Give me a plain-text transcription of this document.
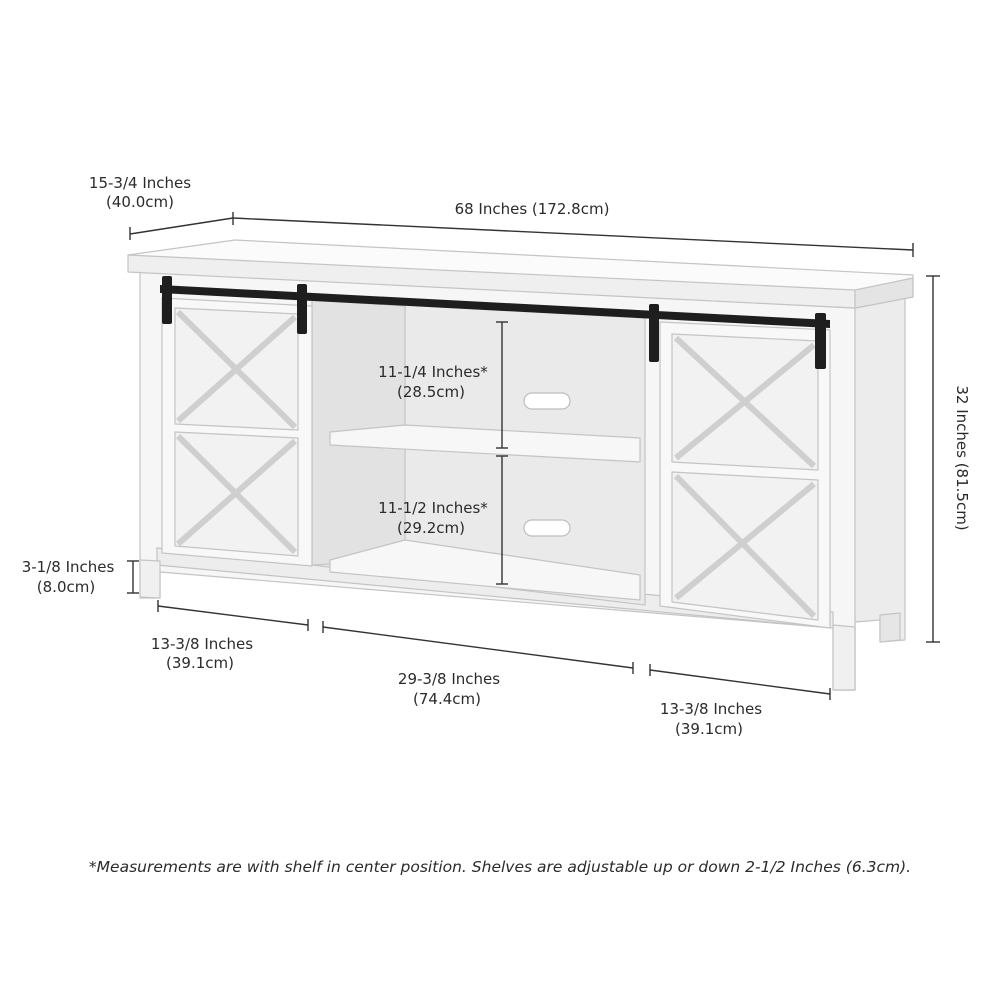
15-3/4 Inches
(40.0cm)	68 Inches (172.8cm)
32 Inches (81.5cm)
11-1/4 Inches*
(28.5cm)
11-1/2 Inches*
(29.2cm)
3-1/8 Inches
(8.0cm)
13-3/8 Inches
(39.1cm)
29-3/8 Inches
(74.4cm)
13-3/8 Inches
(39.1cm)
*Measurements are with shelf in center position. Shelves are adjustable up or down 2-1/2 Inches (6.3cm).
